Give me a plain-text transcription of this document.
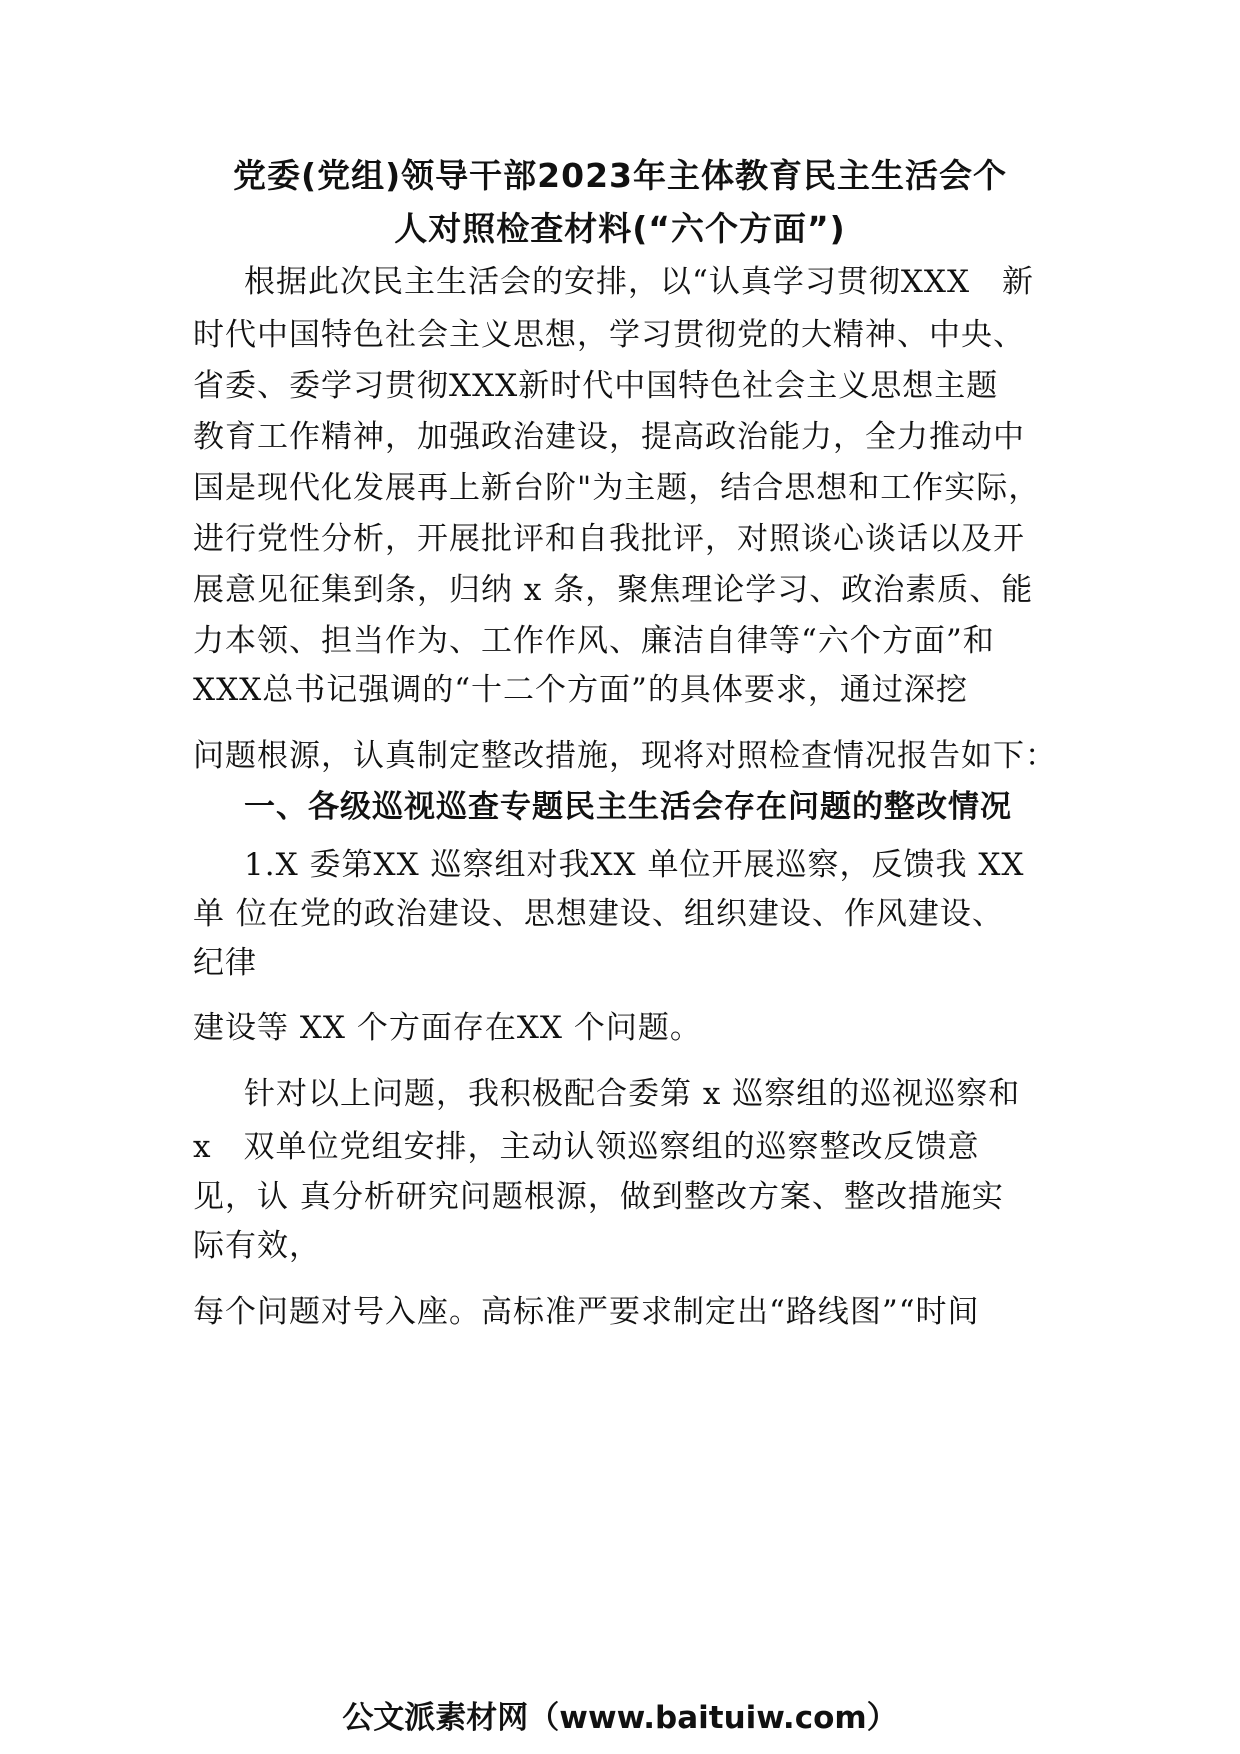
党委(党组)领导干部2023年主体教育民主生活会个
人对照检查材料(“六个方面”)
根据此次民主生活会的安排，以“认真学习贯彻XXX　新
时代中国特色社会主义思想，学习贯彻党的大精神、中央、
省委、委学习贯彻XXX新时代中国特色社会主义思想主题
教育工作精神，加强政治建设，提高政治能力，全力推动中
国是现代化发展再上新台阶"为主题，结合思想和工作实际，
进行党性分析，开展批评和自我批评，对照谈心谈话以及开
展意见征集到条，归纳 x 条，聚焦理论学习、政治素质、能
力本领、担当作为、工作作风、廉洁自律等“六个方面”和
XXX总书记强调的“十二个方面”的具体要求，通过深挖
问题根源，认真制定整改措施，现将对照检查情况报告如下：
一、各级巡视巡查专题民主生活会存在问题的整改情况
1.X 委第XX 巡察组对我XX 单位开展巡察，反馈我 XX
单 位在党的政治建设、思想建设、组织建设、作风建设、
纪律
建设等 XX 个方面存在XX 个问题。
针对以上问题，我积极配合委第 x 巡察组的巡视巡察和
x　双单位党组安排，主动认领巡察组的巡察整改反馈意
见，认 真分析研究问题根源，做到整改方案、整改措施实
际有效，
每个问题对号入座。高标准严要求制定出“路线图”“时间
公文派素材网（www.baituiw.com）
